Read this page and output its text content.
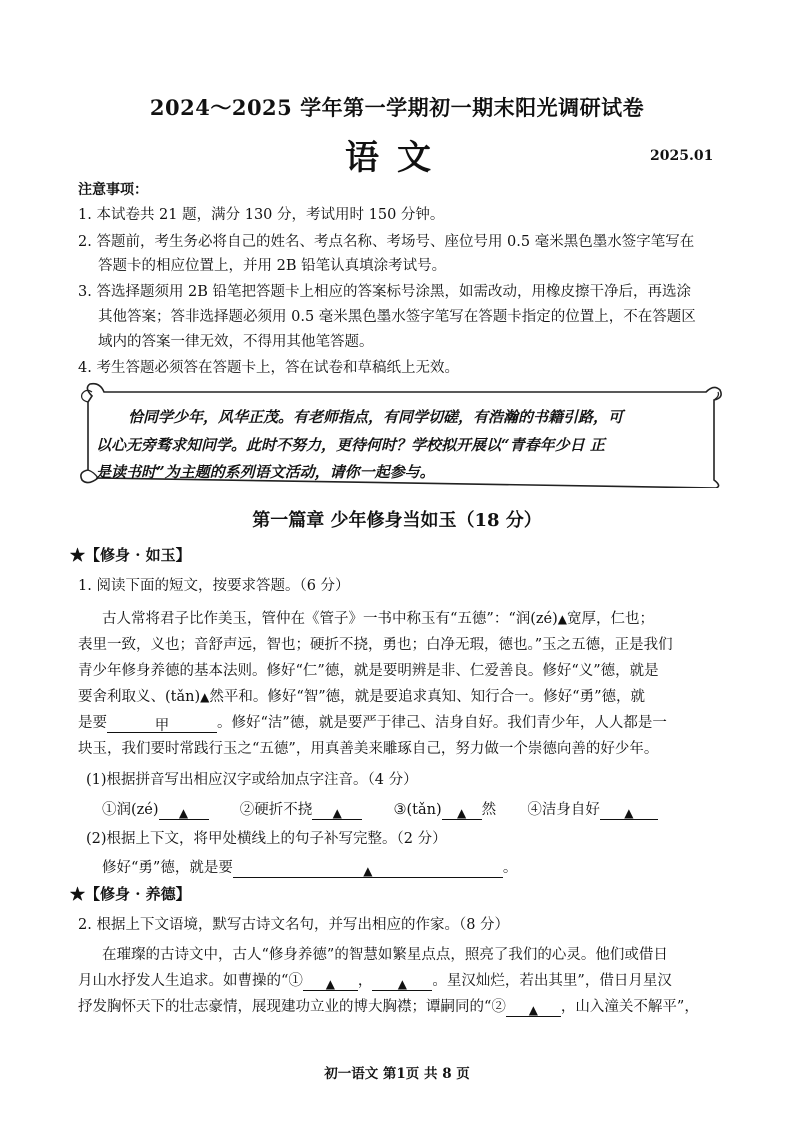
2024～2025 学年第一学期初一期末阳光调研试卷
语文	2025.01
注意事项：
1. 本试卷共 21 题，满分 130 分，考试用时 150 分钟。
2. 答题前，考生务必将自己的姓名、考点名称、考场号、座位号用 0.5 毫米黑色墨水签字笔写在
答题卡的相应位置上，并用 2B 铅笔认真填涂考试号。
3. 答选择题须用 2B 铅笔把答题卡上相应的答案标号涂黑，如需改动，用橡皮擦干净后，再选涂
其他答案；答非选择题必须用 0.5 毫米黑色墨水签字笔写在答题卡指定的位置上，不在答题区
域内的答案一律无效，不得用其他笔答题。
4. 考生答题必须答在答题卡上，答在试卷和草稿纸上无效。
恰同学少年，风华正茂。有老师指点，有同学切磋，有浩瀚的书籍引路，可
以心无旁骛求知问学。此时不努力，更待何时？学校拟开展以“青春年少日 正
是读书时”为主题的系列语文活动，请你一起参与。
第一篇章 少年修身当如玉（18 分）
★【修身 · 如玉】
1. 阅读下面的短文，按要求答题。（6 分）
古人常将君子比作美玉，管仲在《管子》一书中称玉有“五德”：“润(zé)▲宽厚，仁也；
表里一致，义也；音舒声远，智也；硬折不挠，勇也；白净无瑕，德也。”玉之五德，正是我们
青少年修身养德的基本法则。修好“仁”德，就是要明辨是非、仁爱善良。修好“义”德，就是
要舍利取义、(tǎn)▲然平和。修好“智”德，就是要追求真知、知行合一。修好“勇”德，就
是要	甲	。修好“洁”德，就是要严于律己、洁身自好。我们青少年，人人都是一
块玉，我们要时常践行玉之“五德”，用真善美来雕琢自己，努力做一个崇德向善的好少年。
(1)根据拼音写出相应汉字或给加点字注音。（4 分）
①润(zé) ▲	②硬折不挠 ▲	③(tǎn) ▲ 然 ④洁身自好 ▲
(2)根据上下文，将甲处横线上的句子补写完整。（2 分）
修好“勇”德，就是要	▲	。
★【修身 · 养德】
2. 根据上下文语境，默写古诗文名句，并写出相应的作家。（8 分）
在璀璨的古诗文中，古人“修身养德”的智慧如繁星点点，照亮了我们的心灵。他们或借日
月山水抒发人生追求。如曹操的“① ▲ ， ▲ 。星汉灿烂，若出其里”，借日月星汉
抒发胸怀天下的壮志豪情，展现建功立业的博大胸襟；谭嗣同的“② ▲ ，山入潼关不解平”，
初一语文 第1页 共 8 页
